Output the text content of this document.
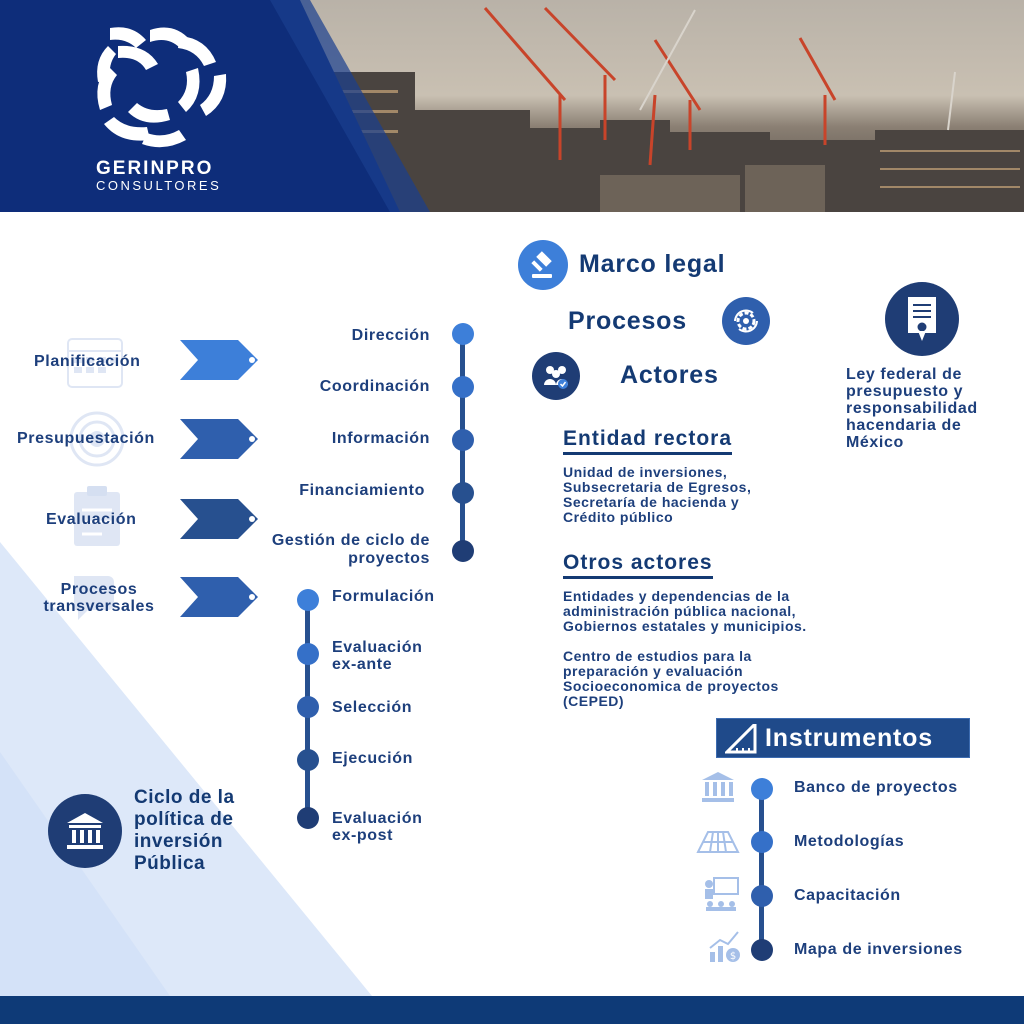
GERINPRO
CONSULTORES
Planificación
Presupuestación
Evaluación
Procesos transversales
Dirección
Coordinación
Información
Financiamiento
Gestión de ciclo de proyectos
Formulación
Evaluación ex-ante
Selección
Ejecución
Evaluación ex-post
Ciclo de la política de inversión Pública
Marco legal
Procesos
Actores	Ley federal de presupuesto y responsabilidad hacendaria de México
Entidad rectora
Unidad de inversiones, Subsecretaria de Egresos, Secretaría de hacienda y Crédito público
Otros actores
Entidades y dependencias de la administración pública nacional, Gobiernos estatales y municipios.
Centro de estudios para la preparación y evaluación Socioeconomica de proyectos (CEPED)
Instrumentos
$
Banco de proyectos
Metodologías
Capacitación
Mapa de inversiones
